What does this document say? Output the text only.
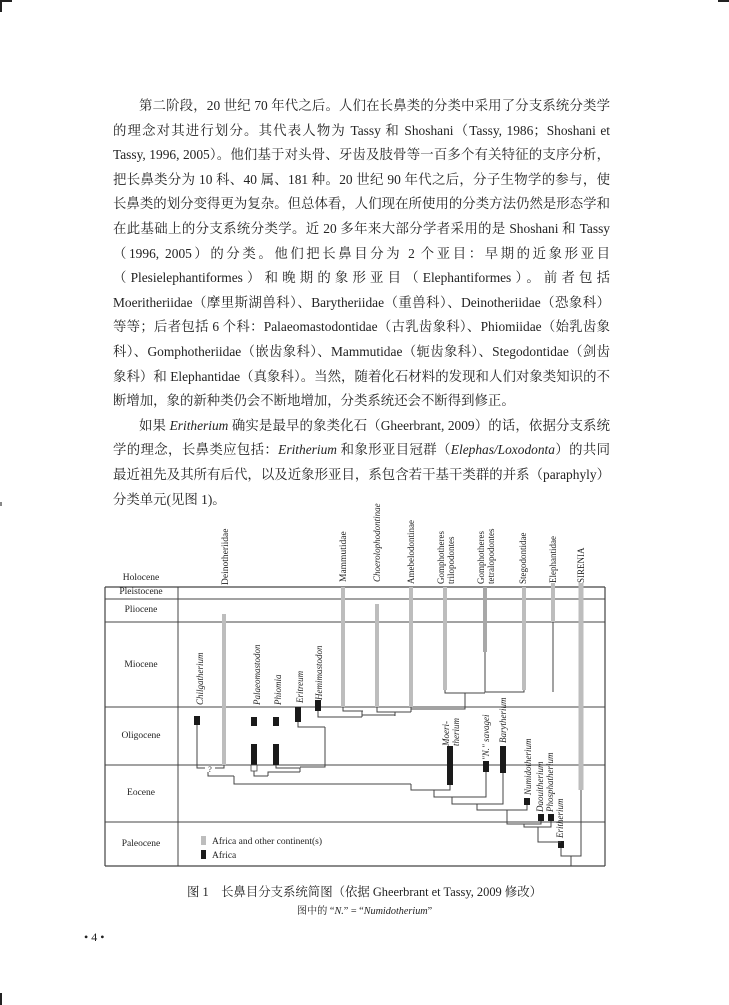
第二阶段，20 世纪 70 年代之后。人们在长鼻类的分类中采用了分支系统分类学的理念对其进行划分。其代表人物为 Tassy 和 Shoshani（Tassy, 1986；Shoshani et Tassy, 1996, 2005）。他们基于对头骨、牙齿及肢骨等一百多个有关特征的支序分析，把长鼻类分为 10 科、40 属、181 种。20 世纪 90 年代之后，分子生物学的参与，使长鼻类的划分变得更为复杂。但总体看，人们现在所使用的分类方法仍然是形态学和在此基础上的分支系统分类学。近 20 多年来大部分学者采用的是 Shoshani 和 Tassy（1996, 2005）的分类。他们把长鼻目分为 2 个亚目：早期的近象形亚目（Plesielephantiformes）和晚期的象形亚目（Elephantiformes）。前者包括 Moeritheriidae（摩里斯湖兽科）、Barytheriidae（重兽科）、Deinotheriidae（恐象科）等等；后者包括 6 个科：Palaeomastodontidae（古乳齿象科）、Phiomiidae（始乳齿象科）、Gomphotheriidae（嵌齿象科）、Mammutidae（轭齿象科）、Stegodontidae（剑齿象科）和 Elephantidae（真象科）。当然，随着化石材料的发现和人们对象类知识的不断增加，象的新种类仍会不断地增加，分类系统还会不断得到修正。

如果 Eritherium 确实是最早的象类化石（Gheerbrant, 2009）的话，依据分支系统学的理念，长鼻类应包括：Eritherium 和象形亚目冠群（Elephas/Loxodonta）的共同最近祖先及其所有后代，以及近象形亚目，系包含若干基干类群的并系（paraphyly）分类单元(见图 1)。

Holocene
Pleistocene
Pliocene
Miocene
Oligocene
Eocene
Paleocene
Deinotheriidae	Mammutidae	Choerolophodontinae	Amebelodontinae Gomphotherestrilopodontes Gomphotherestetralopodontes Stegodontidae Elephantidae SIRENIA
Chilgatherium	Palaeomastodon Phiomia Eritreum Hemimastodon
Moeri-therium "N." savagei Barytherium
Numidotherium Daouitherium Phosphatherium
Eritherium
?
Africa and other continent(s)
Africa
图 1　长鼻目分支系统简图（依据 Gheerbrant et Tassy, 2009 修改）
图中的 “N.” = “Numidotherium”
• 4 •
